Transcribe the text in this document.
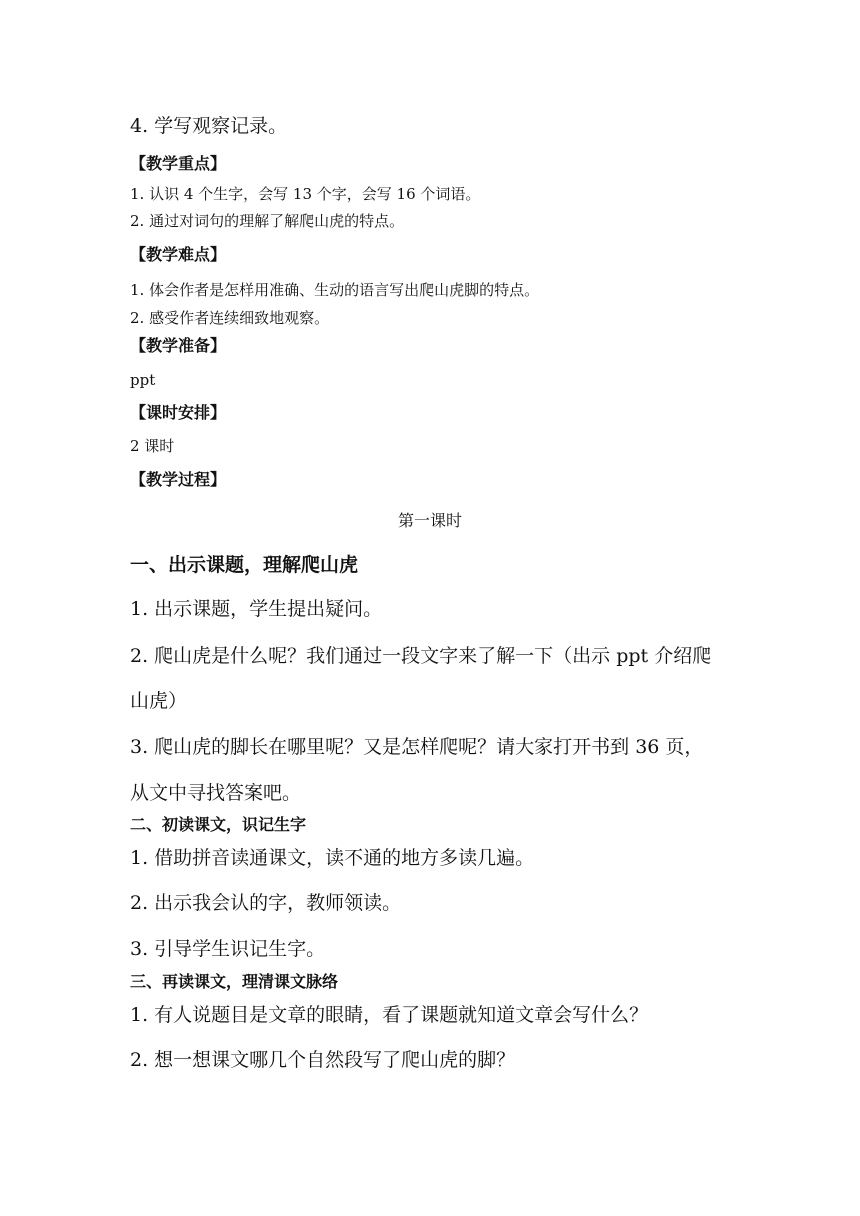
4. 学写观察记录。
【教学重点】
1. 认识 4 个生字，会写 13 个字，会写 16 个词语。
2. 通过对词句的理解了解爬山虎的特点。
【教学难点】
1. 体会作者是怎样用准确、生动的语言写出爬山虎脚的特点。
2. 感受作者连续细致地观察。
【教学准备】
ppt
【课时安排】
2 课时
【教学过程】
第一课时
一、出示课题，理解爬山虎
1. 出示课题，学生提出疑问。
2. 爬山虎是什么呢？我们通过一段文字来了解一下（出示 ppt 介绍爬
山虎）
3. 爬山虎的脚长在哪里呢？又是怎样爬呢？请大家打开书到 36 页，
从文中寻找答案吧。
二、初读课文，识记生字
1. 借助拼音读通课文，读不通的地方多读几遍。
2. 出示我会认的字，教师领读。
3. 引导学生识记生字。
三、再读课文，理清课文脉络
1. 有人说题目是文章的眼睛，看了课题就知道文章会写什么？
2. 想一想课文哪几个自然段写了爬山虎的脚？
